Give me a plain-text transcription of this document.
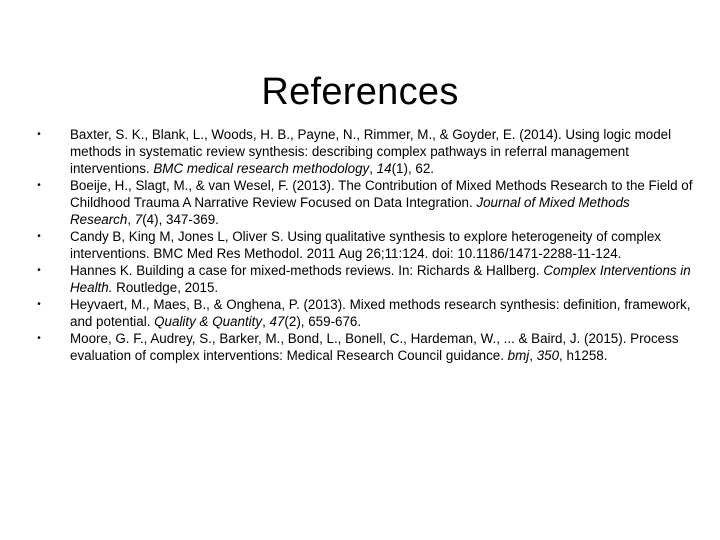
References
• Baxter, S. K., Blank, L., Woods, H. B., Payne, N., Rimmer, M., & Goyder, E. (2014). Using logic model methods in systematic review synthesis: describing complex pathways in referral management interventions. BMC medical research methodology, 14(1), 62.
• Boeije, H., Slagt, M., & van Wesel, F. (2013). The Contribution of Mixed Methods Research to the Field of Childhood Trauma A Narrative Review Focused on Data Integration. Journal of Mixed Methods Research, 7(4), 347-369.
• Candy B, King M, Jones L, Oliver S. Using qualitative synthesis to explore heterogeneity of complex interventions. BMC Med Res Methodol. 2011 Aug 26;11:124. doi: 10.1186/1471-2288-11-124.
• Hannes K. Building a case for mixed-methods reviews. In: Richards & Hallberg. Complex Interventions in Health. Routledge, 2015.
• Heyvaert, M., Maes, B., & Onghena, P. (2013). Mixed methods research synthesis: definition, framework, and potential. Quality & Quantity, 47(2), 659-676.
• Moore, G. F., Audrey, S., Barker, M., Bond, L., Bonell, C., Hardeman, W., ... & Baird, J. (2015). Process evaluation of complex interventions: Medical Research Council guidance. bmj, 350, h1258.
